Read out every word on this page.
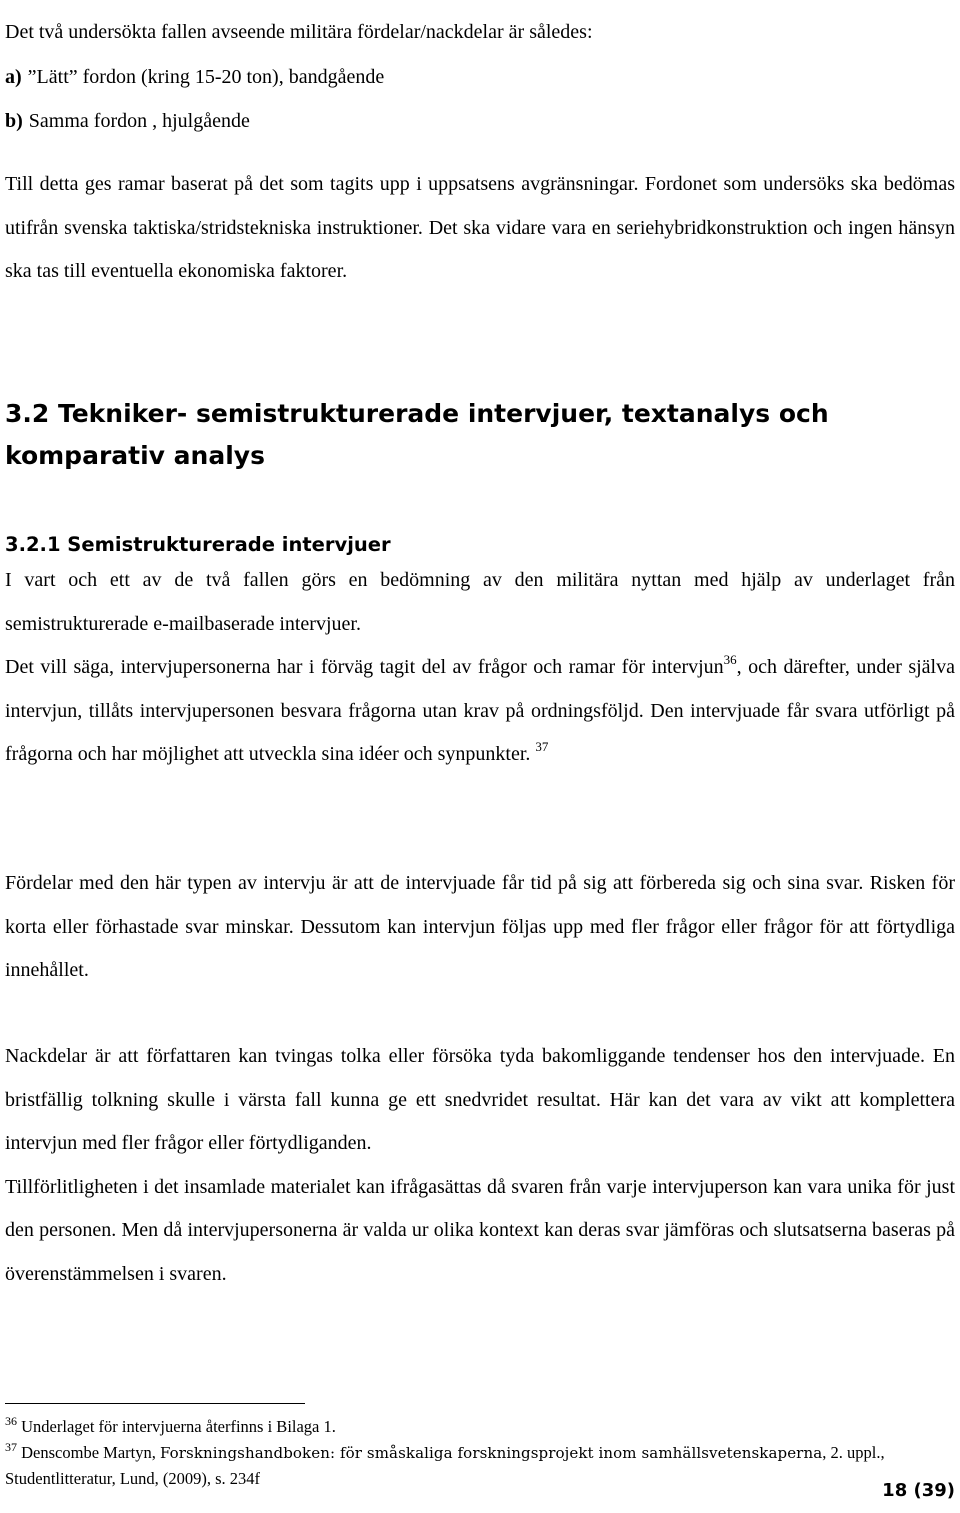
Det två undersökta fallen avseende militära fördelar/nackdelar är således:

a) ”Lätt” fordon (kring 15-20 ton), bandgående

b) Samma fordon , hjulgående

Till detta ges ramar baserat på det som tagits upp i uppsatsens avgränsningar. Fordonet som undersöks ska bedömas utifrån svenska taktiska/stridstekniska instruktioner. Det ska vidare vara en seriehybridkonstruktion och ingen hänsyn ska tas till eventuella ekonomiska faktorer.

3.2 Tekniker- semistrukturerade intervjuer, textanalys och komparativ analys
3.2.1 Semistrukturerade intervjuer

I vart och ett av de två fallen görs en bedömning av den militära nyttan med hjälp av underlaget från semistrukturerade e-mailbaserade intervjuer.

Det vill säga, intervjupersonerna har i förväg tagit del av frågor och ramar för intervjun$^{36}$, och därefter, under själva intervjun, tillåts intervjupersonen besvara frågorna utan krav på ordningsföljd. Den intervjuade får svara utförligt på frågorna och har möjlighet att utveckla sina idéer och synpunkter. $^{37}$

Fördelar med den här typen av intervju är att de intervjuade får tid på sig att förbereda sig och sina svar. Risken för korta eller förhastade svar minskar. Dessutom kan intervjun följas upp med fler frågor eller frågor för att förtydliga innehållet.

Nackdelar är att författaren kan tvingas tolka eller försöka tyda bakomliggande tendenser hos den intervjuade. En bristfällig tolkning skulle i värsta fall kunna ge ett snedvridet resultat. Här kan det vara av vikt att komplettera intervjun med fler frågor eller förtydliganden.

Tillförlitligheten i det insamlade materialet kan ifrågasättas då svaren från varje intervjuperson kan vara unika för just den personen. Men då intervjupersonerna är valda ur olika kontext kan deras svar jämföras och slutsatserna baseras på överenstämmelsen i svaren.

$^{36}$ Underlaget för intervjuerna återfinns i Bilaga 1.

$^{37}$ Denscombe Martyn, Forskningshandboken: för småskaliga forskningsprojekt inom samhällsvetenskaperna, 2. uppl., Studentlitteratur, Lund, (2009), s. 234f

18 (39)
